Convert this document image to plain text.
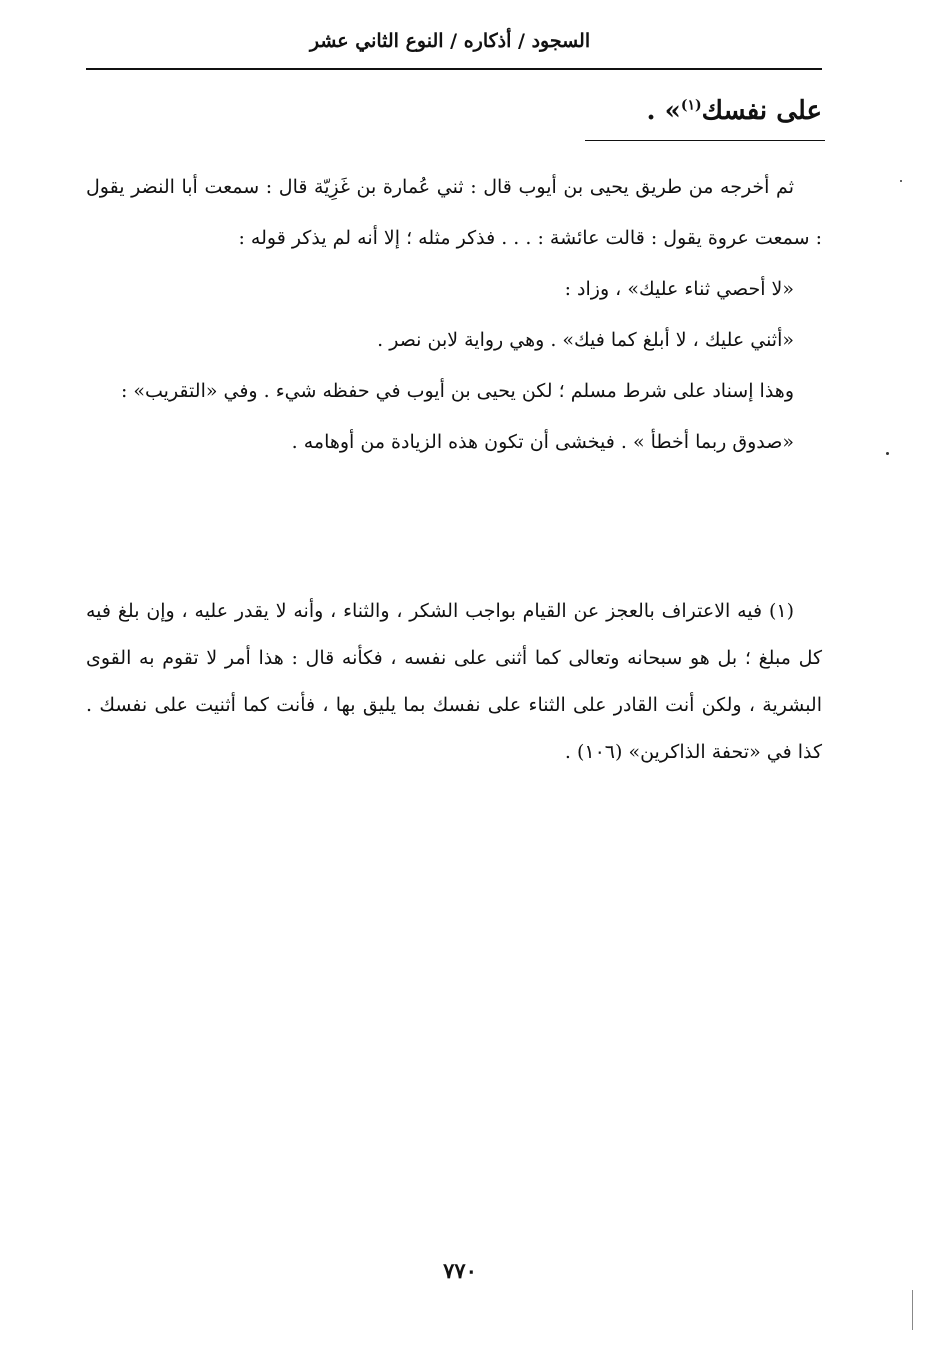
السجود / أذكاره / النوع الثاني عشر
على نفسك$^{(١)}$» .

ثم أخرجه من طريق يحيى بن أيوب قال : ثني عُمارة بن غَزِيّة قال : سمعت أبا النضر يقول : سمعت عروة يقول : قالت عائشة : . . . فذكر مثله ؛ إلا أنه لم يذكر قوله :

«لا أحصي ثناء عليك» ، وزاد :

«أثني عليك ، لا أبلغ كما فيك» . وهي رواية لابن نصر .

وهذا إسناد على شرط مسلم ؛ لكن يحيى بن أيوب في حفظه شيء . وفي «التقريب» :

«صدوق ربما أخطأ » . فيخشى أن تكون هذه الزيادة من أوهامه .

(١) فيه الاعتراف بالعجز عن القيام بواجب الشكر ، والثناء ، وأنه لا يقدر عليه ، وإن بلغ فيه كل مبلغ ؛ بل هو سبحانه وتعالى كما أثنى على نفسه ، فكأنه قال : هذا أمر لا تقوم به القوى البشرية ، ولكن أنت القادر على الثناء على نفسك بما يليق بها ، فأنت كما أثنيت على نفسك . كذا في «تحفة الذاكرين» (١٠٦) .

٧٧٠
